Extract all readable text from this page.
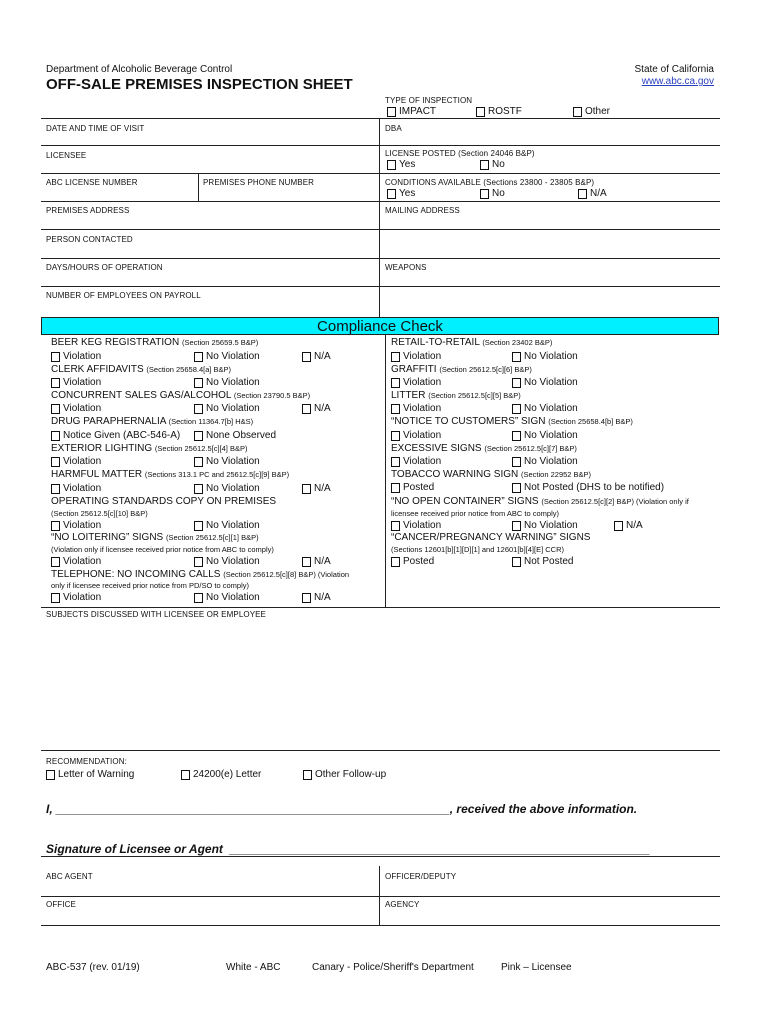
Department of Alcoholic Beverage Control
OFF-SALE PREMISES INSPECTION SHEET
State of California
www.abc.ca.gov
TYPE OF INSPECTION
IMPACT	ROSTF	Other
DATE AND TIME OF VISIT	DBA
LICENSEE	LICENSE POSTED (Section 24046 B&P)
Yes	No
ABC LICENSE NUMBER	PREMISES PHONE NUMBER	CONDITIONS AVAILABLE (Sections 23800 - 23805 B&P)
Yes	No	N/A
PREMISES ADDRESS	MAILING ADDRESS
PERSON CONTACTED
DAYS/HOURS OF OPERATION	WEAPONS
NUMBER OF EMPLOYEES ON PAYROLL
Compliance Check
BEER KEG REGISTRATION (Section 25659.5 B&P)
Violation	No Violation	N/A
CLERK AFFIDAVITS (Section 25658.4[a] B&P)
Violation	No Violation
CONCURRENT SALES GAS/ALCOHOL (Section 23790.5 B&P)
Violation	No Violation	N/A
DRUG PARAPHERNALIA (Section 11364.7[b] H&S)
Notice Given (ABC-546-A)	None Observed
EXTERIOR LIGHTING (Section 25612.5[c][4] B&P)
Violation	No Violation
HARMFUL MATTER (Sections 313.1 PC and 25612.5[c][9] B&P)
Violation	No Violation	N/A
OPERATING STANDARDS COPY ON PREMISES
(Section 25612.5[c][10] B&P)
Violation	No Violation
“NO LOITERING” SIGNS (Section 25612.5[c][1] B&P)
(Violation only if licensee received prior notice from ABC to comply)
Violation	No Violation	N/A
TELEPHONE: NO INCOMING CALLS (Section 25612.5[c][8] B&P) (Violation
only if licensee received prior notice from PD/SO to comply)
Violation	No Violation	N/A
RETAIL-TO-RETAIL (Section 23402 B&P)
Violation	No Violation
GRAFFITI (Section 25612.5[c][6] B&P)
Violation	No Violation
LITTER (Section 25612.5[c][5] B&P)
Violation	No Violation
“NOTICE TO CUSTOMERS” SIGN (Section 25658.4[b] B&P)
Violation	No Violation
EXCESSIVE SIGNS (Section 25612.5[c][7] B&P)
Violation	No Violation
TOBACCO WARNING SIGN (Section 22952 B&P)
Posted	Not Posted (DHS to be notified)
“NO OPEN CONTAINER” SIGNS (Section 25612.5[c][2] B&P) (Violation only if
licensee received prior notice from ABC to comply)
Violation	No Violation	N/A
“CANCER/PREGNANCY WARNING” SIGNS
(Sections 12601[b][1][D][1] and 12601[b][4][E] CCR)
Posted	Not Posted
SUBJECTS DISCUSSED WITH LICENSEE OR EMPLOYEE
RECOMMENDATION:
Letter of Warning	24200(e) Letter	Other Follow-up
I, ___________________________________________________________, received the above information.
Signature of Licensee or Agent _______________________________________________________________
ABC AGENT	OFFICER/DEPUTY
OFFICE	AGENCY
ABC-537 (rev. 01/19)	White - ABC	Canary - Police/Sheriff's Department	Pink – Licensee
